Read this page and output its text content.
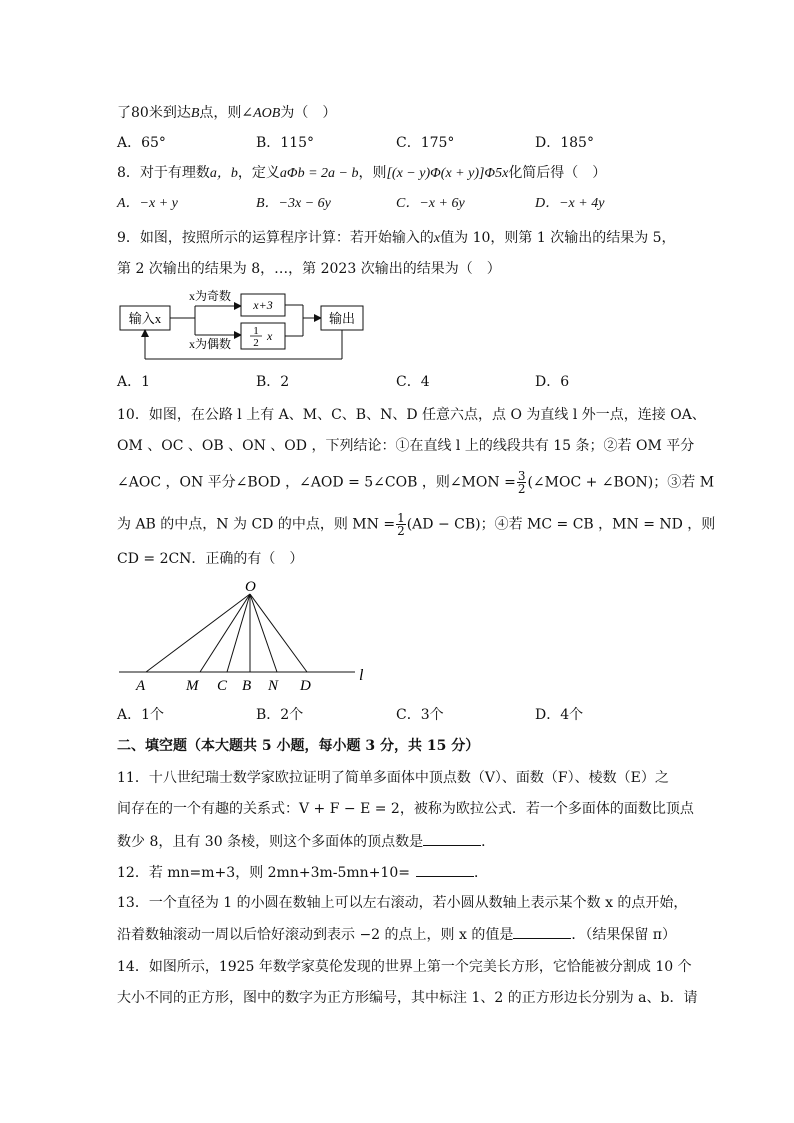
了80米到达B点，则∠AOB为（　）
A．65°	B．115°	C．175°	D．185°
8．对于有理数a，b，定义aΦb = 2a − b，则[(x − y)Φ(x + y)]Φ5x化简后得（　）
A．−x + y	B．−3x − 6y	C．−x + 6y	D．−x + 4y
9．如图，按照所示的运算程序计算：若开始输入的x值为 10，则第 1 次输出的结果为 5，
第 2 次输出的结果为 8，…，第 2023 次输出的结果为（　）
输入x
x为奇数
x为偶数
x+3
1
2 x
输出
A．1	B．2	C．4	D．6
10．如图，在公路 l 上有 A、M、C、B、N、D 任意六点，点 O 为直线 l 外一点，连接 OA、
OM 、OC 、OB 、ON 、OD ，下列结论：①在直线 l 上的线段共有 15 条；②若 OM 平分
∠AOC ，ON 平分∠BOD ，∠AOD = 5∠COB ，则∠MON = $\frac{3}{2}$ (∠MOC + ∠BON)；③若 M
为 AB 的中点，N 为 CD 的中点，则 MN = $\frac{1}{2} (AD - CB)$；④若 MC = CB ，MN = ND ，则
CD = 2CN．正确的有（　）
O
A	M C B N D
l
A．1个	B．2个	C．3个	D．4个
二、填空题（本大题共 5 小题，每小题 3 分，共 15 分）
11．十八世纪瑞士数学家欧拉证明了简单多面体中顶点数（V）、面数（F）、棱数（E）之
间存在的一个有趣的关系式：V + F − E = 2，被称为欧拉公式．若一个多面体的面数比顶点
数少 8，且有 30 条棱，则这个多面体的顶点数是	．
12．若 mn=m+3，则 2mn+3m-5mn+10=	．
13．一个直径为 1 的小圆在数轴上可以左右滚动，若小圆从数轴上表示某个数 x 的点开始，
沿着数轴滚动一周以后恰好滚动到表示 −2 的点上，则 x 的值是	．（结果保留 π）
14．如图所示，1925 年数学家莫伦发现的世界上第一个完美长方形，它恰能被分割成 10 个
大小不同的正方形，图中的数字为正方形编号，其中标注 1、2 的正方形边长分别为 a、b．请
